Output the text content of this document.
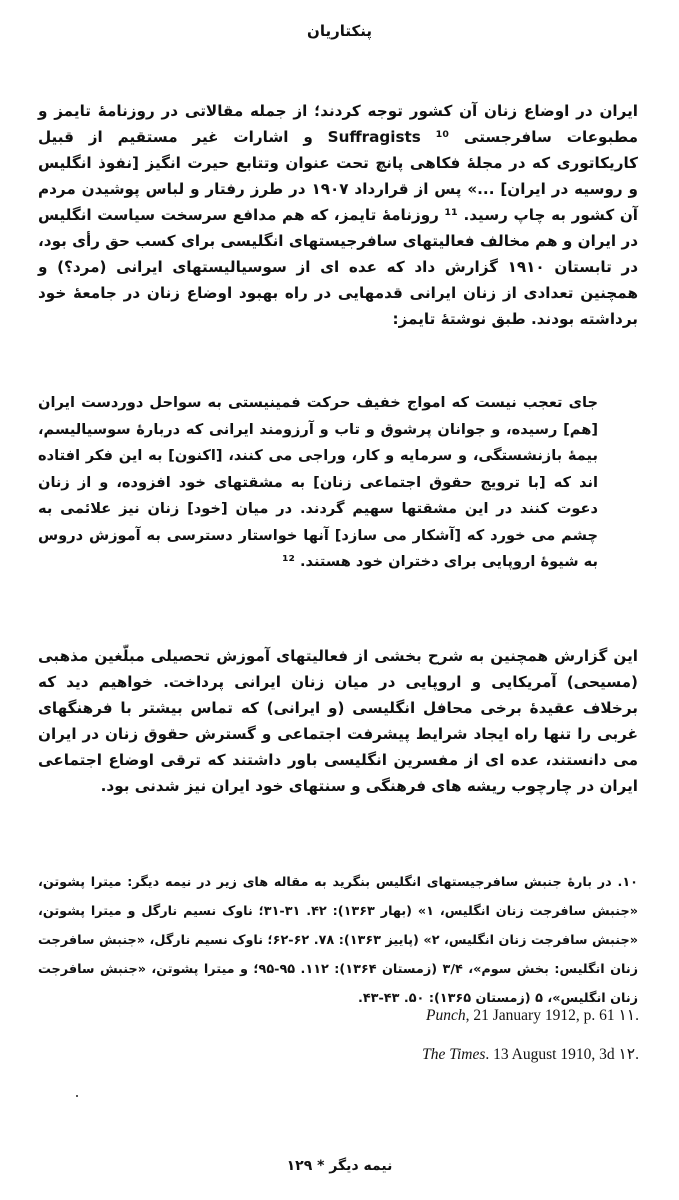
پنکتاریان
ایران در اوضاع زنان آن کشور توجه کردند؛ از جمله مقالاتی در روزنامهٔ تایمز و مطبوعات سافرجستی Suffragists ¹⁰ و اشارات غیر مستقیم از قبیل کاریکاتوری که در مجلهٔ فکاهی پانچ تحت عنوان وتتابع حیرت انگیز [نفوذ انگلیس و روسیه در ایران] ...» پس از قرارداد ۱۹۰۷ در طرز رفتار و لباس پوشیدن مردم آن کشور به چاپ رسید. ¹¹ روزنامهٔ تایمز، که هم مدافع سرسخت سیاست انگلیس در ایران و هم مخالف فعالیتهای سافرجیستهای انگلیسی برای کسب حق رأی بود، در تابستان ۱۹۱۰ گزارش داد که عده ای از سوسیالیستهای ایرانی (مرد؟) و همچنین تعدادی از زنان ایرانی قدمهایی در راه بهبود اوضاع زنان در جامعهٔ خود برداشته بودند. طبق نوشتهٔ تایمز:
جای تعجب نیست که امواج خفیف حرکت فمینیستی به سواحل دوردست ایران [هم] رسیده، و جوانان پرشوق و تاب و آرزومند ایرانی که دربارهٔ سوسیالیسم، بیمهٔ بازنشستگی، و سرمایه و کار، وراجی می کنند، [اکنون] به این فکر افتاده اند که [با ترویج حقوق اجتماعی زنان] به مشقتهای خود افزوده، و از زنان دعوت کنند در این مشقتها سهیم گردند. در میان [خود] زنان نیز علائمی به چشم می خورد که [آشکار می سازد] آنها خواستار دسترسی به آموزش دروس به شیوهٔ اروپایی برای دختران خود هستند. ¹²
این گزارش همچنین به شرح بخشی از فعالیتهای آموزش تحصیلی مبلّغین مذهبی (مسیحی) آمریکایی و اروپایی در میان زنان ایرانی پرداخت. خواهیم دید که برخلاف عقیدهٔ برخی محافل انگلیسی (و ایرانی) که تماس بیشتر با فرهنگهای غربی را تنها راه ایجاد شرایط پیشرفت اجتماعی و گسترش حقوق زنان در ایران می دانستند، عده ای از مفسرین انگلیسی باور داشتند که ترقی اوضاع اجتماعی ایران در چارچوب ریشه های فرهنگی و سنتهای خود ایران نیز شدنی بود.
۱۰. در بارهٔ جنبش سافرجیستهای انگلیس بنگرید به مقاله های زیر در نیمه دیگر: میترا پشوتن، «جنبش سافرجت زنان انگلیس، ۱» (بهار ۱۳۶۳): ۴۲. ۳۱-۳۱؛ ناوک نسیم نارگل و میترا پشوتن، «جنبش سافرجت زنان انگلیس، ۲» (پاییز ۱۳۶۳): ۷۸. ۶۲-۶۲؛ ناوک نسیم نارگل، «جنبش سافرجت زنان انگلیس: بخش سوم»، ۳/۴ (زمستان ۱۳۶۴): ۱۱۲. ۹۵-۹۵؛ و میترا پشوتن، «جنبش سافرجت زنان انگلیس»، ۵ (زمستان ۱۳۶۵): ۵۰. ۴۳-۴۳.
.۱۱ Punch, 21 January 1912, p. 61
.۱۲ The Times. 13 August 1910, 3d
نیمه دیگر * ۱۲۹
